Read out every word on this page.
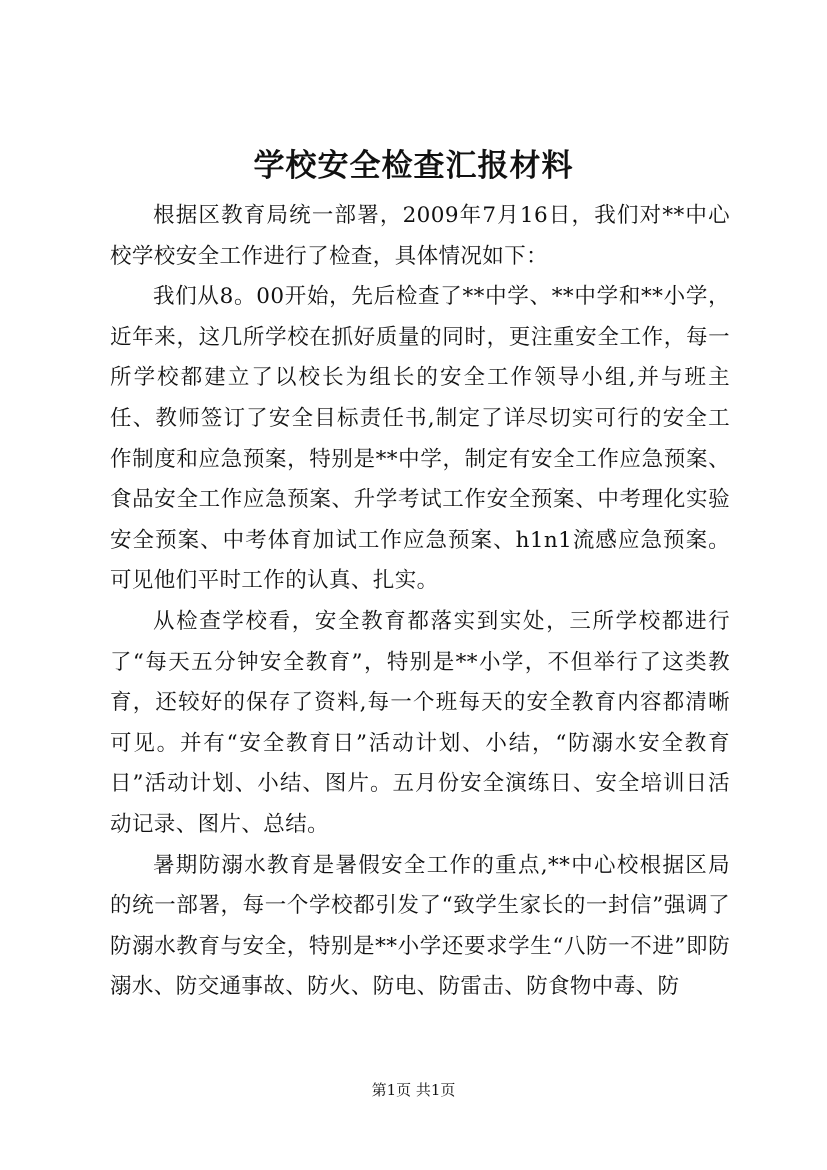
学校安全检查汇报材料

根据区教育局统一部署，2009年7月16日，我们对**中心校学校安全工作进行了检查，具体情况如下：

我们从8。00开始，先后检查了**中学、**中学和**小学，近年来，这几所学校在抓好质量的同时，更注重安全工作，每一所学校都建立了以校长为组长的安全工作领导小组,并与班主任、教师签订了安全目标责任书,制定了详尽切实可行的安全工作制度和应急预案，特别是**中学，制定有安全工作应急预案、食品安全工作应急预案、升学考试工作安全预案、中考理化实验安全预案、中考体育加试工作应急预案、h1n1流感应急预案。可见他们平时工作的认真、扎实。

从检查学校看，安全教育都落实到实处，三所学校都进行了“每天五分钟安全教育”，特别是**小学，不但举行了这类教育，还较好的保存了资料,每一个班每天的安全教育内容都清晰可见。并有“安全教育日”活动计划、小结，“防溺水安全教育日”活动计划、小结、图片。五月份安全演练日、安全培训日活动记录、图片、总结。

暑期防溺水教育是暑假安全工作的重点,**中心校根据区局的统一部署，每一个学校都引发了“致学生家长的一封信”强调了防溺水教育与安全，特别是**小学还要求学生“八防一不进”即防溺水、防交通事故、防火、防电、防雷击、防食物中毒、防

第1页 共1页
